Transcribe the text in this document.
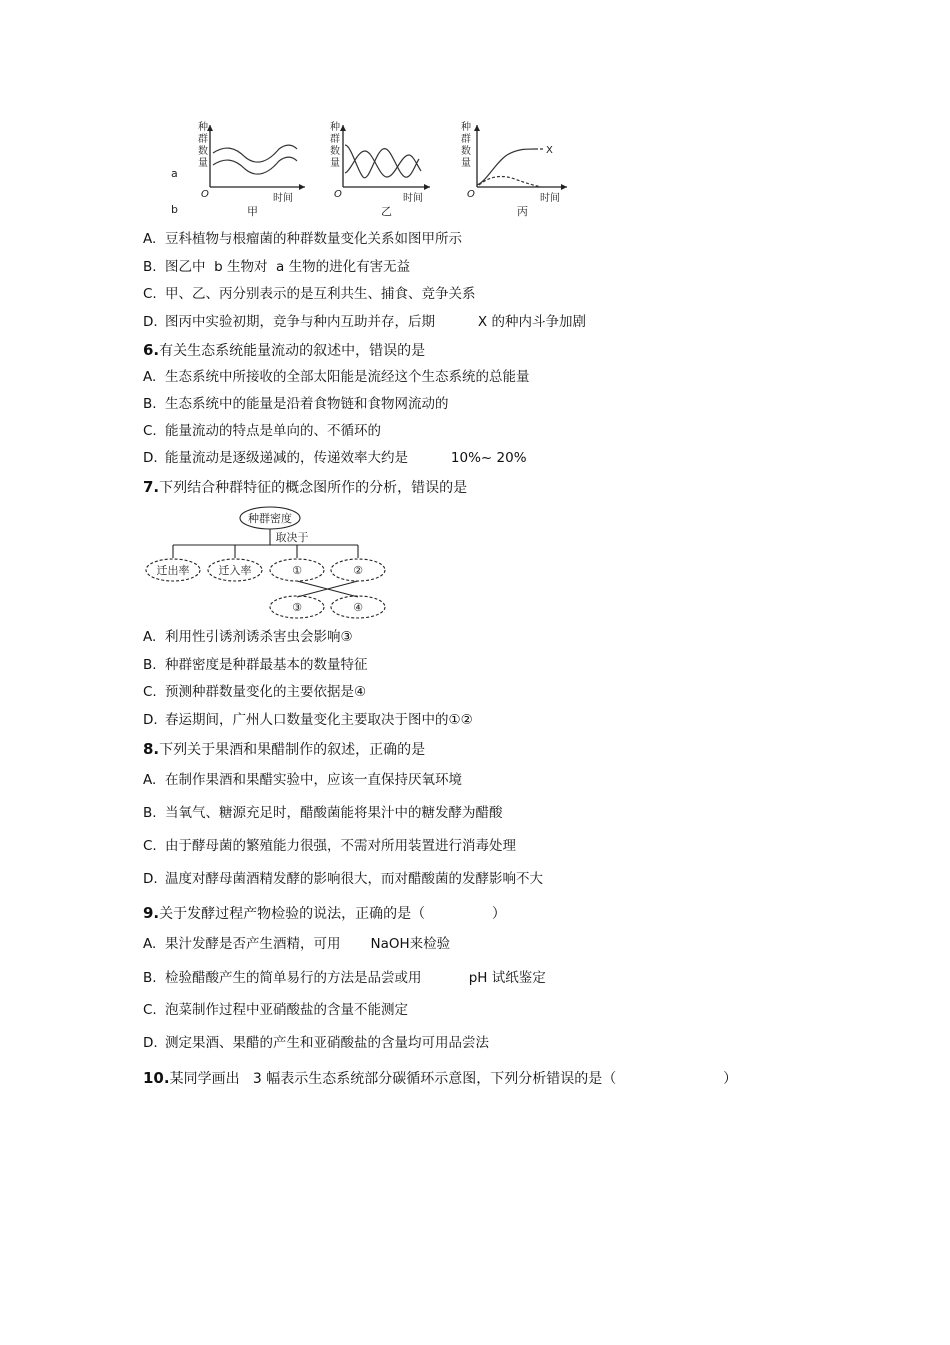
a
b
种
群
数
量
O	时间
甲
种
群
数
量
O	时间
乙
种
群
数
量
X
O	时间
丙
A. 豆科植物与根瘤菌的种群数量变化关系如图甲所示
B. 图乙中  b 生物对  a 生物的进化有害无益
C. 甲、乙、丙分别表示的是互利共生、捕食、竞争关系
D. 图丙中实验初期，竞争与种内互助并存，后期          X 的种内斗争加剧
6.有关生态系统能量流动的叙述中，错误的是
A. 生态系统中所接收的全部太阳能是流经这个生态系统的总能量
B. 生态系统中的能量是沿着食物链和食物网流动的
C. 能量流动的特点是单向的、不循环的
D. 能量流动是逐级递减的，传递效率大约是          10%~ 20%
7.下列结合种群特征的概念图所作的分析，错误的是
种群密度
取决于
迁出率	迁入率	①	②
③	④
A. 利用性引诱剂诱杀害虫会影响③
B. 种群密度是种群最基本的数量特征
C. 预测种群数量变化的主要依据是④
D. 春运期间，广州人口数量变化主要取决于图中的①②
8.下列关于果酒和果醋制作的叙述，正确的是
A. 在制作果酒和果醋实验中，应该一直保持厌氧环境
B. 当氧气、糖源充足时，醋酸菌能将果汁中的糖发酵为醋酸
C. 由于酵母菌的繁殖能力很强，不需对所用装置进行消毒处理
D. 温度对酵母菌酒精发酵的影响很大，而对醋酸菌的发酵影响不大
9.关于发酵过程产物检验的说法，正确的是（               ）
A. 果汁发酵是否产生酒精，可用       NaOH来检验
B. 检验醋酸产生的简单易行的方法是品尝或用           pH 试纸鉴定
C. 泡菜制作过程中亚硝酸盐的含量不能测定
D. 测定果酒、果醋的产生和亚硝酸盐的含量均可用品尝法
10.某同学画出   3 幅表示生态系统部分碳循环示意图，下列分析错误的是（                        ）
